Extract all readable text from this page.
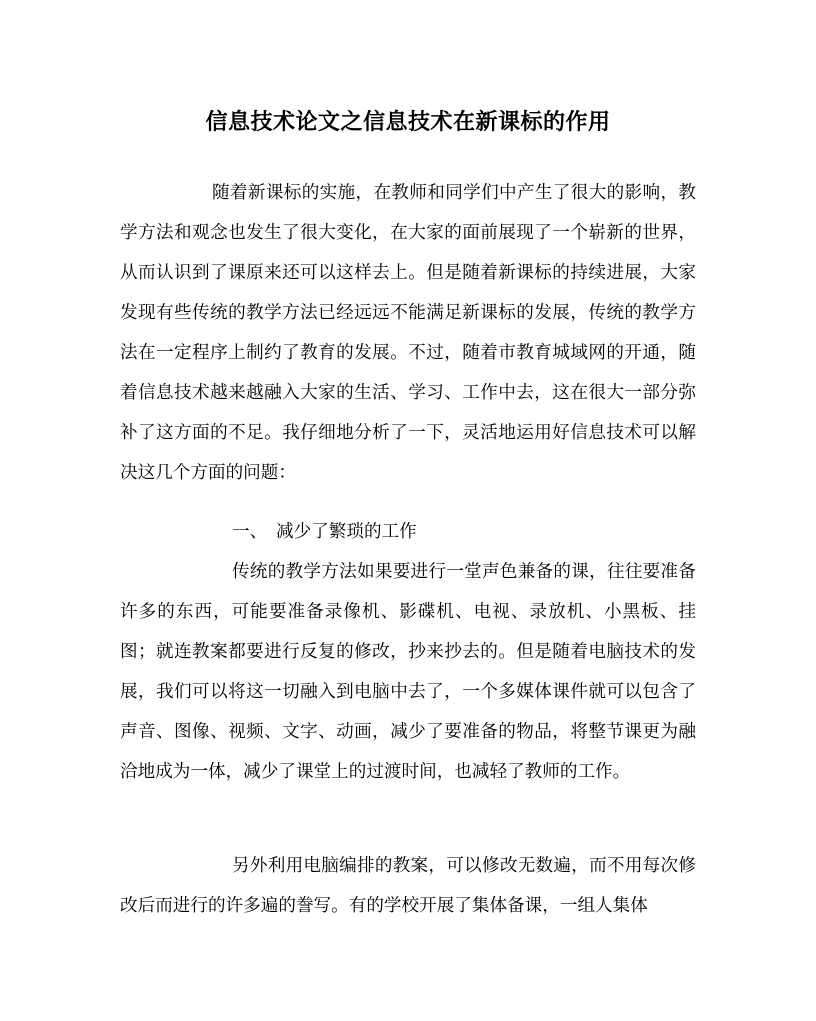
信息技术论文之信息技术在新课标的作用

随着新课标的实施，在教师和同学们中产生了很大的影响，教学方法和观念也发生了很大变化，在大家的面前展现了一个崭新的世界，从而认识到了课原来还可以这样去上。但是随着新课标的持续进展，大家发现有些传统的教学方法已经远远不能满足新课标的发展，传统的教学方法在一定程序上制约了教育的发展。不过，随着市教育城域网的开通，随着信息技术越来越融入大家的生活、学习、工作中去，这在很大一部分弥补了这方面的不足。我仔细地分析了一下，灵活地运用好信息技术可以解决这几个方面的问题：

一、 减少了繁琐的工作

传统的教学方法如果要进行一堂声色兼备的课，往往要准备许多的东西，可能要准备录像机、影碟机、电视、录放机、小黑板、挂图；就连教案都要进行反复的修改，抄来抄去的。但是随着电脑技术的发展，我们可以将这一切融入到电脑中去了，一个多媒体课件就可以包含了声音、图像、视频、文字、动画，减少了要准备的物品，将整节课更为融洽地成为一体，减少了课堂上的过渡时间，也减轻了教师的工作。

另外利用电脑编排的教案，可以修改无数遍，而不用每次修改后而进行的许多遍的誊写。有的学校开展了集体备课，一组人集体
